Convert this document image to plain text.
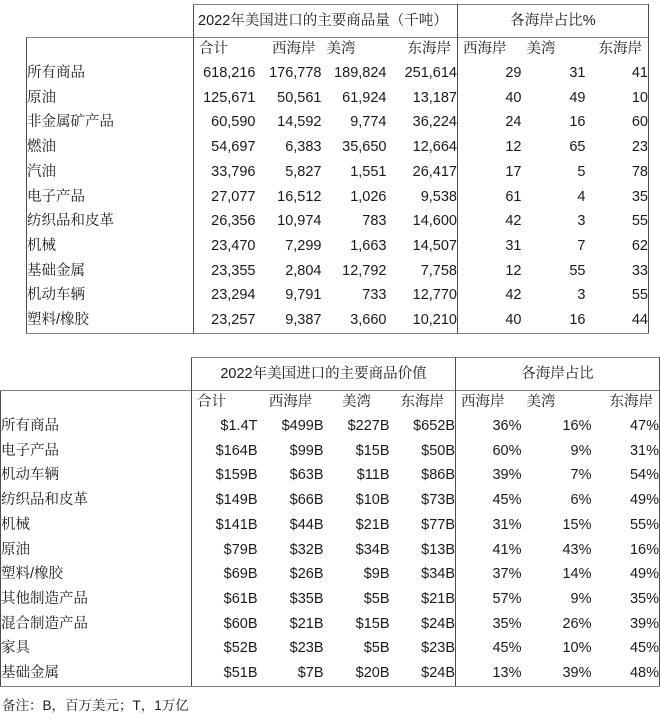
	2022年美国进口的主要商品量（千吨）				各海岸占比%		
	合计	西海岸	美湾	东海岸	西海岸	美湾	东海岸
所有商品	618,216	176,778	189,824	251,614	29	31	41
原油	125,671	50,561	61,924	13,187	40	49	10
非金属矿产品	60,590	14,592	9,774	36,224	24	16	60
燃油	54,697	6,383	35,650	12,664	12	65	23
汽油	33,796	5,827	1,551	26,417	17	5	78
电子产品	27,077	16,512	1,026	9,538	61	4	35
纺织品和皮革	26,356	10,974	783	14,600	42	3	55
机械	23,470	7,299	1,663	14,507	31	7	62
基础金属	23,355	2,804	12,792	7,758	12	55	33
机动车辆	23,294	9,791	733	12,770	42	3	55
塑料/橡胶	23,257	9,387	3,660	10,210	40	16	44
	2022年美国进口的主要商品价值				各海岸占比		
	合计	西海岸	美湾	东海岸	西海岸	美湾	东海岸
所有商品	$1.4T	$499B	$227B	$652B	36%	16%	47%
电子产品	$164B	$99B	$15B	$50B	60%	9%	31%
机动车辆	$159B	$63B	$11B	$86B	39%	7%	54%
纺织品和皮革	$149B	$66B	$10B	$73B	45%	6%	49%
机械	$141B	$44B	$21B	$77B	31%	15%	55%
原油	$79B	$32B	$34B	$13B	41%	43%	16%
塑料/橡胶	$69B	$26B	$9B	$34B	37%	14%	49%
其他制造产品	$61B	$35B	$5B	$21B	57%	9%	35%
混合制造产品	$60B	$21B	$15B	$24B	35%	26%	39%
家具	$52B	$23B	$5B	$23B	45%	10%	45%
基础金属	$51B	$7B	$20B	$24B	13%	39%	48%
备注：B，百万美元；T，1万亿
